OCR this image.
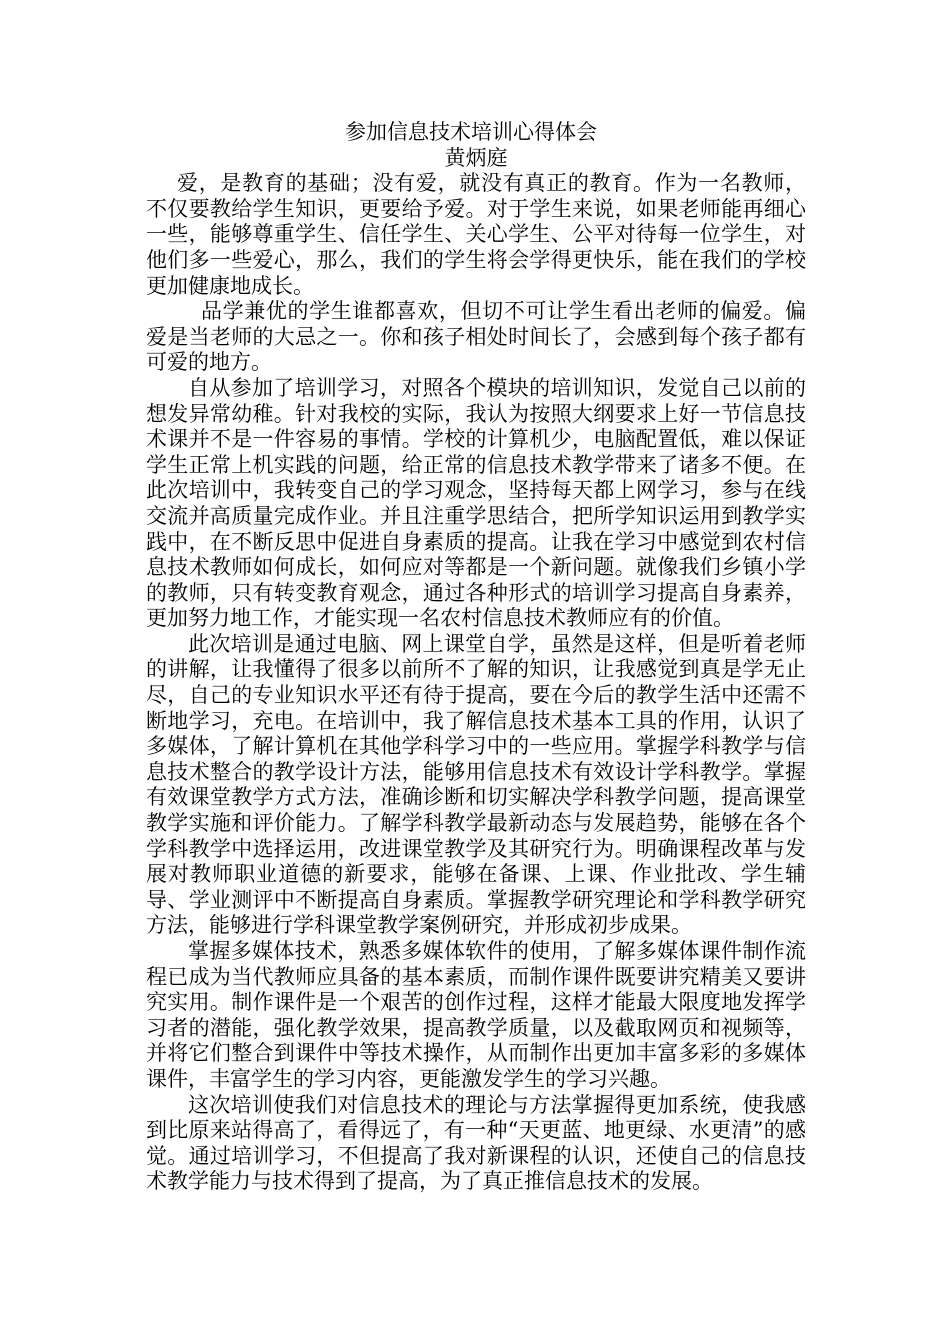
参加信息技术培训心得体会

黄炳庭

爱，是教育的基础；没有爱，就没有真正的教育。作为一名教师，不仅要教给学生知识，更要给予爱。对于学生来说，如果老师能再细心一些，能够尊重学生、信任学生、关心学生、公平对待每一位学生，对他们多一些爱心，那么，我们的学生将会学得更快乐，能在我们的学校更加健康地成长。

品学兼优的学生谁都喜欢，但切不可让学生看出老师的偏爱。偏爱是当老师的大忌之一。你和孩子相处时间长了，会感到每个孩子都有可爱的地方。

自从参加了培训学习，对照各个模块的培训知识，发觉自己以前的想发异常幼稚。针对我校的实际，我认为按照大纲要求上好一节信息技术课并不是一件容易的事情。学校的计算机少，电脑配置低，难以保证学生正常上机实践的问题，给正常的信息技术教学带来了诸多不便。在此次培训中，我转变自己的学习观念，坚持每天都上网学习，参与在线交流并高质量完成作业。并且注重学思结合，把所学知识运用到教学实践中，在不断反思中促进自身素质的提高。让我在学习中感觉到农村信息技术教师如何成长，如何应对等都是一个新问题。就像我们乡镇小学的教师，只有转变教育观念，通过各种形式的培训学习提高自身素养，更加努力地工作，才能实现一名农村信息技术教师应有的价值。

此次培训是通过电脑、网上课堂自学，虽然是这样，但是听着老师的讲解，让我懂得了很多以前所不了解的知识，让我感觉到真是学无止尽，自己的专业知识水平还有待于提高，要在今后的教学生活中还需不断地学习，充电。在培训中，我了解信息技术基本工具的作用，认识了多媒体，了解计算机在其他学科学习中的一些应用。掌握学科教学与信息技术整合的教学设计方法，能够用信息技术有效设计学科教学。掌握有效课堂教学方式方法，准确诊断和切实解决学科教学问题，提高课堂教学实施和评价能力。了解学科教学最新动态与发展趋势，能够在各个学科教学中选择运用，改进课堂教学及其研究行为。明确课程改革与发展对教师职业道德的新要求，能够在备课、上课、作业批改、学生辅导、学业测评中不断提高自身素质。掌握教学研究理论和学科教学研究方法，能够进行学科课堂教学案例研究，并形成初步成果。

掌握多媒体技术，熟悉多媒体软件的使用，了解多媒体课件制作流程已成为当代教师应具备的基本素质，而制作课件既要讲究精美又要讲究实用。制作课件是一个艰苦的创作过程，这样才能最大限度地发挥学习者的潜能，强化教学效果，提高教学质量，以及截取网页和视频等，并将它们整合到课件中等技术操作，从而制作出更加丰富多彩的多媒体课件，丰富学生的学习内容，更能激发学生的学习兴趣。

这次培训使我们对信息技术的理论与方法掌握得更加系统，使我感到比原来站得高了，看得远了，有一种“天更蓝、地更绿、水更清”的感觉。通过培训学习，不但提高了我对新课程的认识，还使自己的信息技术教学能力与技术得到了提高，为了真正推信息技术的发展。
